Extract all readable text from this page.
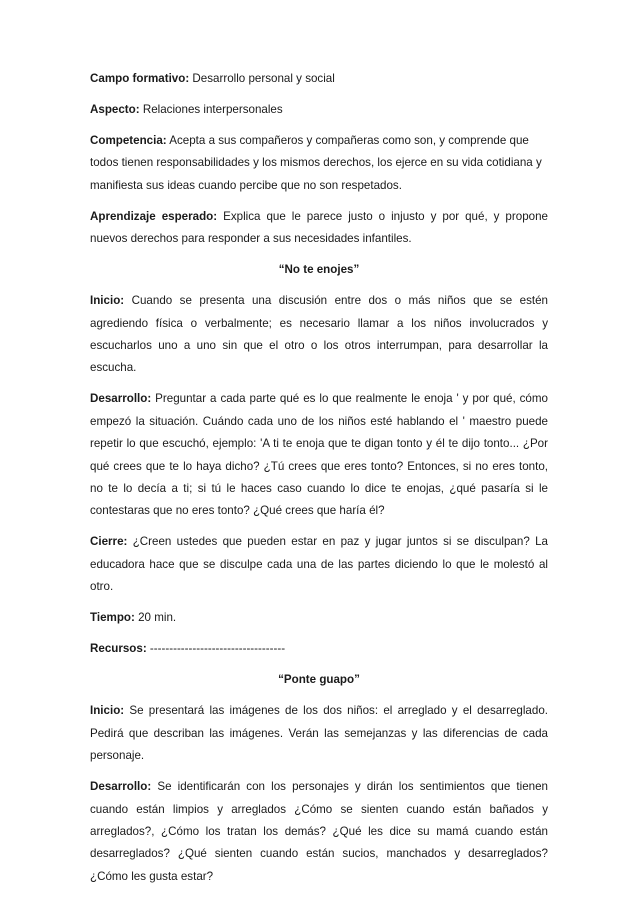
Campo formativo: Desarrollo personal y social

Aspecto: Relaciones interpersonales

Competencia: Acepta a sus compañeros y compañeras como son, y comprende que todos tienen responsabilidades y los mismos derechos, los ejerce en su vida cotidiana y manifiesta sus ideas cuando percibe que no son respetados.

Aprendizaje esperado: Explica que le parece justo o injusto y por qué, y propone nuevos derechos para responder a sus necesidades infantiles.

“No te enojes”

Inicio: Cuando se presenta una discusión entre dos o más niños que se estén agrediendo física o verbalmente; es necesario llamar a los niños involucrados y escucharlos uno a uno sin que el otro o los otros interrumpan, para desarrollar la escucha.

Desarrollo: Preguntar a cada parte qué es lo que realmente le enoja ' y por qué, cómo empezó la situación. Cuándo cada uno de los niños esté hablando el ' maestro puede repetir lo que escuchó, ejemplo: 'A ti te enoja que te digan tonto y él te dijo tonto... ¿Por qué crees que te lo haya dicho? ¿Tú crees que eres tonto? Entonces, si no eres tonto, no te lo decía a ti; si tú le haces caso cuando lo dice te enojas, ¿qué pasaría si le contestaras que no eres tonto? ¿Qué crees que haría él?

Cierre: ¿Creen ustedes que pueden estar en paz y jugar juntos si se disculpan? La educadora hace que se disculpe cada una de las partes diciendo lo que le molestó al otro.

Tiempo: 20 min.

Recursos: -----------------------------------

“Ponte guapo”

Inicio: Se presentará las imágenes de los dos niños: el arreglado y el desarreglado. Pedirá que describan las imágenes. Verán las semejanzas y las diferencias de cada personaje.

Desarrollo: Se identificarán con los personajes y dirán los sentimientos que tienen cuando están limpios y arreglados ¿Cómo se sienten cuando están bañados y arreglados?, ¿Cómo los tratan los demás? ¿Qué les dice su mamá cuando están desarreglados? ¿Qué sienten cuando están sucios, manchados y desarreglados? ¿Cómo les gusta estar?
